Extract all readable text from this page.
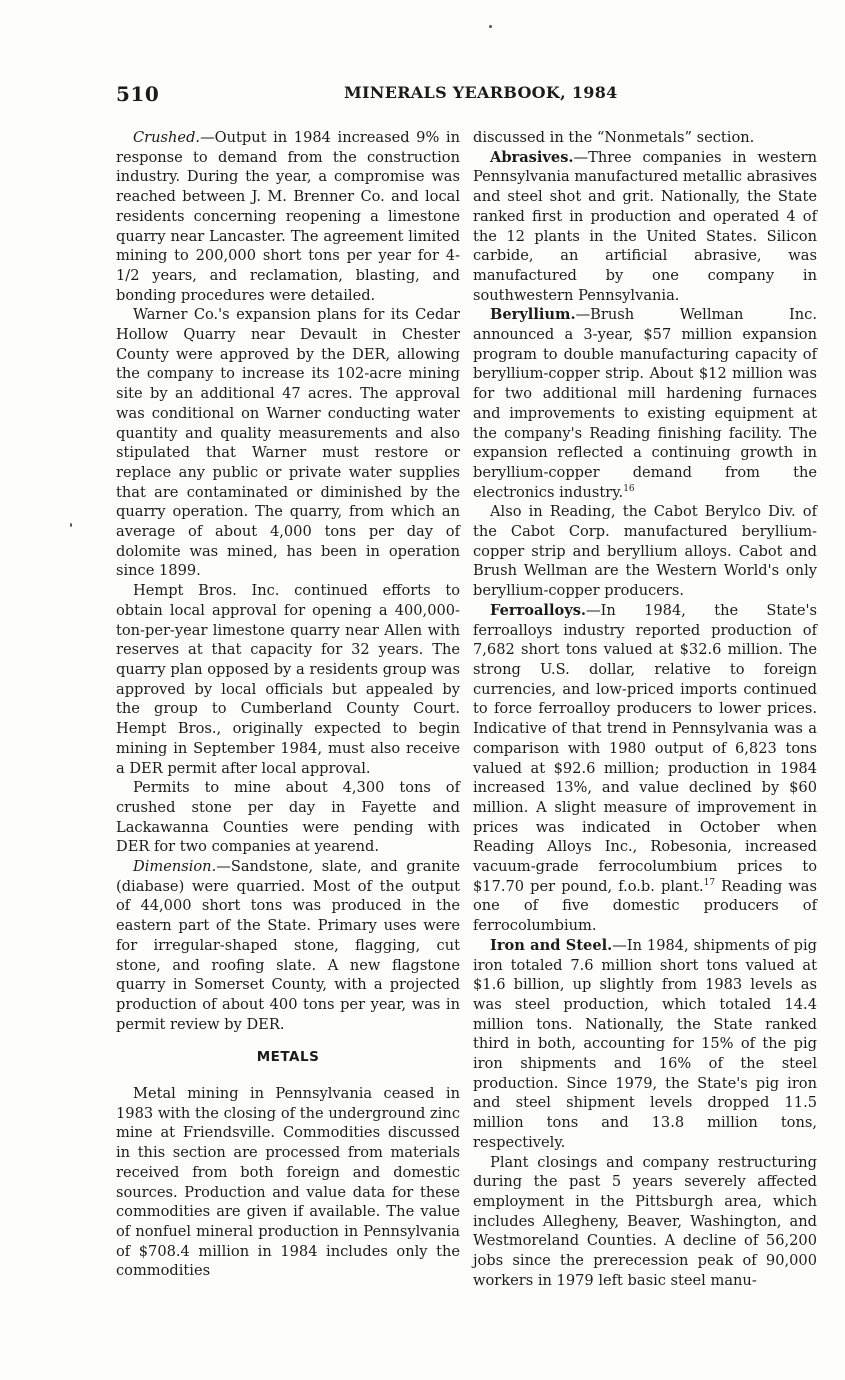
510	MINERALS YEARBOOK, 1984

Crushed.—Output in 1984 increased 9% in response to demand from the construction industry. During the year, a compromise was reached between J. M. Brenner Co. and local residents concerning reopening a limestone quarry near Lancaster. The agreement limited mining to 200,000 short tons per year for 4-1/2 years, and reclamation, blasting, and bonding procedures were detailed.

Warner Co.'s expansion plans for its Cedar Hollow Quarry near Devault in Chester County were approved by the DER, allowing the company to increase its 102-acre mining site by an additional 47 acres. The approval was conditional on Warner conducting water quantity and quality measurements and also stipulated that Warner must restore or replace any public or private water supplies that are contaminated or diminished by the quarry operation. The quarry, from which an average of about 4,000 tons per day of dolomite was mined, has been in operation since 1899.

Hempt Bros. Inc. continued efforts to obtain local approval for opening a 400,000-ton-per-year limestone quarry near Allen with reserves at that capacity for 32 years. The quarry plan opposed by a residents group was approved by local officials but appealed by the group to Cumberland County Court. Hempt Bros., originally expected to begin mining in September 1984, must also receive a DER permit after local approval.

Permits to mine about 4,300 tons of crushed stone per day in Fayette and Lackawanna Counties were pending with DER for two companies at yearend.

Dimension.—Sandstone, slate, and granite (diabase) were quarried. Most of the output of 44,000 short tons was produced in the eastern part of the State. Primary uses were for irregular-shaped stone, flagging, cut stone, and roofing slate. A new flagstone quarry in Somerset County, with a projected production of about 400 tons per year, was in permit review by DER.

METALS

Metal mining in Pennsylvania ceased in 1983 with the closing of the underground zinc mine at Friendsville. Commodities discussed in this section are processed from materials received from both foreign and domestic sources. Production and value data for these commodities are given if available. The value of nonfuel mineral production in Pennsylvania of $708.4 million in 1984 includes only the commodities

discussed in the “Nonmetals” section.

Abrasives.—Three companies in western Pennsylvania manufactured metallic abrasives and steel shot and grit. Nationally, the State ranked first in production and operated 4 of the 12 plants in the United States. Silicon carbide, an artificial abrasive, was manufactured by one company in southwestern Pennsylvania.

Beryllium.—Brush Wellman Inc. announced a 3-year, $57 million expansion program to double manufacturing capacity of beryllium-copper strip. About $12 million was for two additional mill hardening furnaces and improvements to existing equipment at the company's Reading finishing facility. The expansion reflected a continuing growth in beryllium-copper demand from the electronics industry.$^{16}$

Also in Reading, the Cabot Berylco Div. of the Cabot Corp. manufactured beryllium-copper strip and beryllium alloys. Cabot and Brush Wellman are the Western World's only beryllium-copper producers.

Ferroalloys.—In 1984, the State's ferroalloys industry reported production of 7,682 short tons valued at $32.6 million. The strong U.S. dollar, relative to foreign currencies, and low-priced imports continued to force ferroalloy producers to lower prices. Indicative of that trend in Pennsylvania was a comparison with 1980 output of 6,823 tons valued at $92.6 million; production in 1984 increased 13%, and value declined by $60 million. A slight measure of improvement in prices was indicated in October when Reading Alloys Inc., Robesonia, increased vacuum-grade ferrocolumbium prices to $17.70 per pound, f.o.b. plant.$^{17}$ Reading was one of five domestic producers of ferrocolumbium.

Iron and Steel.—In 1984, shipments of pig iron totaled 7.6 million short tons valued at $1.6 billion, up slightly from 1983 levels as was steel production, which totaled 14.4 million tons. Nationally, the State ranked third in both, accounting for 15% of the pig iron shipments and 16% of the steel production. Since 1979, the State's pig iron and steel shipment levels dropped 11.5 million tons and 13.8 million tons, respectively.

Plant closings and company restructuring during the past 5 years severely affected employment in the Pittsburgh area, which includes Allegheny, Beaver, Washington, and Westmoreland Counties. A decline of 56,200 jobs since the prerecession peak of 90,000 workers in 1979 left basic steel manu-
